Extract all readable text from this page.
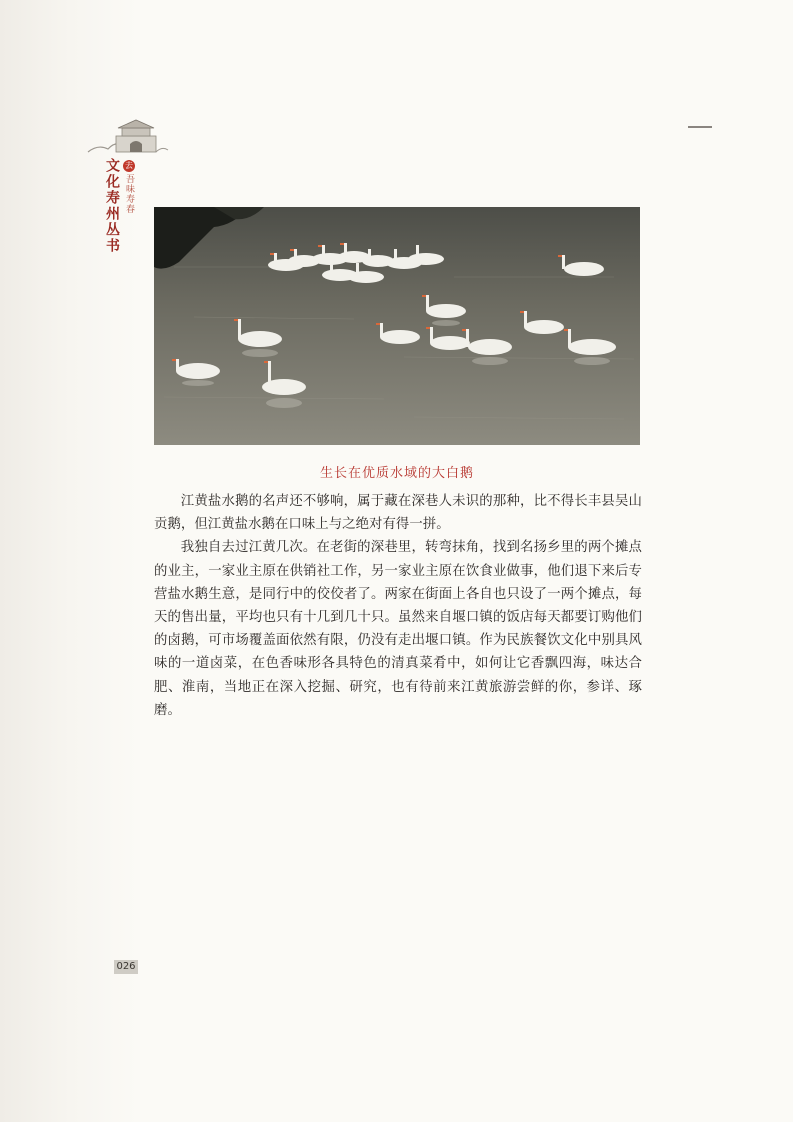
去
吾味寿春
文化寿州丛书
生长在优质水域的大白鹅

江黄盐水鹅的名声还不够响，属于藏在深巷人未识的那种，比不得长丰县吴山贡鹅，但江黄盐水鹅在口味上与之绝对有得一拼。

我独自去过江黄几次。在老街的深巷里，转弯抹角，找到名扬乡里的两个摊点的业主，一家业主原在供销社工作，另一家业主原在饮食业做事，他们退下来后专营盐水鹅生意，是同行中的佼佼者了。两家在街面上各自也只设了一两个摊点，每天的售出量，平均也只有十几到几十只。虽然来自堰口镇的饭店每天都要订购他们的卤鹅，可市场覆盖面依然有限，仍没有走出堰口镇。作为民族餐饮文化中别具风味的一道卤菜，在色香味形各具特色的清真菜肴中，如何让它香飘四海，味达合肥、淮南，当地正在深入挖掘、研究，也有待前来江黄旅游尝鲜的你，参详、琢磨。

026
